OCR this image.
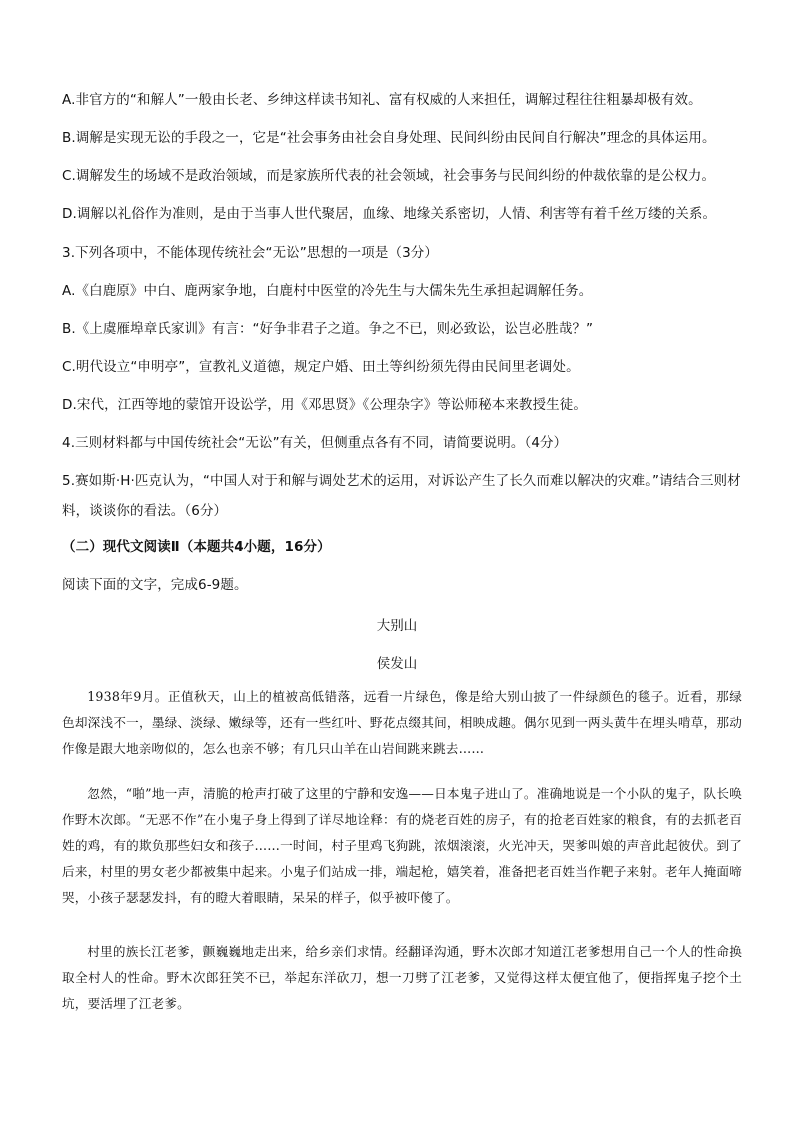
A.非官方的“和解人”一般由长老、乡绅这样读书知礼、富有权威的人来担任，调解过程往往粗暴却极有效。
B.调解是实现无讼的手段之一，它是“社会事务由社会自身处理、民间纠纷由民间自行解决”理念的具体运用。
C.调解发生的场域不是政治领域，而是家族所代表的社会领域，社会事务与民间纠纷的仲裁依靠的是公权力。
D.调解以礼俗作为准则，是由于当事人世代聚居，血缘、地缘关系密切，人情、利害等有着千丝万缕的关系。
3.下列各项中，不能体现传统社会“无讼”思想的一项是（3分）
A.《白鹿原》中白、鹿两家争地，白鹿村中医堂的冷先生与大儒朱先生承担起调解任务。
B.《上虞雁埠章氏家训》有言：“好争非君子之道。争之不已，则必致讼，讼岂必胜哉？”
C.明代设立“申明亭”，宣教礼义道德，规定户婚、田土等纠纷须先得由民间里老调处。
D.宋代，江西等地的蒙馆开设讼学，用《邓思贤》《公理杂字》等讼师秘本来教授生徒。
4.三则材料都与中国传统社会“无讼”有关，但侧重点各有不同，请简要说明。（4分）
5.赛如斯·H·匹克认为，“中国人对于和解与调处艺术的运用，对诉讼产生了长久而难以解决的灾难。”请结合三则材料，谈谈你的看法。（6分）
（二）现代文阅读Ⅱ（本题共4小题，16分）
阅读下面的文字，完成6-9题。
大别山
侯发山

1938年9月。正值秋天，山上的植被高低错落，远看一片绿色，像是给大别山披了一件绿颜色的毯子。近看，那绿色却深浅不一，墨绿、淡绿、嫩绿等，还有一些红叶、野花点缀其间，相映成趣。偶尔见到一两头黄牛在埋头啃草，那动作像是跟大地亲吻似的，怎么也亲不够；有几只山羊在山岩间跳来跳去……

忽然，“啪”地一声，清脆的枪声打破了这里的宁静和安逸——日本鬼子进山了。准确地说是一个小队的鬼子，队长唤作野木次郎。“无恶不作”在小鬼子身上得到了详尽地诠释：有的烧老百姓的房子，有的抢老百姓家的粮食，有的去抓老百姓的鸡，有的欺负那些妇女和孩子……一时间，村子里鸡飞狗跳，浓烟滚滚，火光冲天，哭爹叫娘的声音此起彼伏。到了后来，村里的男女老少都被集中起来。小鬼子们站成一排，端起枪，嬉笑着，准备把老百姓当作靶子来射。老年人掩面啼哭，小孩子瑟瑟发抖，有的瞪大着眼睛，呆呆的样子，似乎被吓傻了。

村里的族长江老爹，颤巍巍地走出来，给乡亲们求情。经翻译沟通，野木次郎才知道江老爹想用自己一个人的性命换取全村人的性命。野木次郎狂笑不已，举起东洋砍刀，想一刀劈了江老爹，又觉得这样太便宜他了，便指挥鬼子挖个土坑，要活埋了江老爹。
